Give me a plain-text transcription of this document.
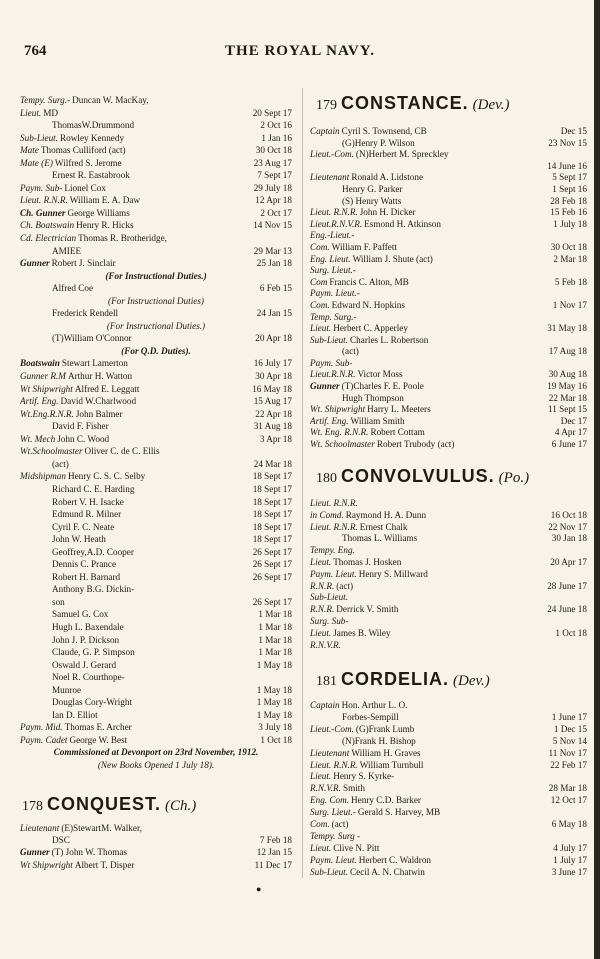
764	THE ROYAL NAVY.
Tempy. Surg.- Duncan W. MacKay,
Lieut. MD	20 Sept 17
ThomasW.Drummond	2 Oct 16
Sub-Lieut. Rowley Kennedy	1 Jan 16
Mate Thomas Culliford (act)	30 Oct 18
Mate (E) Wilfred S. Jerome	23 Aug 17
Ernest R. Eastabrook	7 Sept 17
Paym. Sub- Lionel Cox	29 July 18
Lieut. R.N.R. William E. A. Daw	12 Apr 18
Ch. Gunner George Williams	2 Oct 17
Ch. Boatswain Henry R. Hicks	14 Nov 15
Cd. Electrician Thomas R. Brotheridge,
AMIEE	29 Mar 13
Gunner Robert J. Sinclair	25 Jan 18
(For Instructional Duties.)
Alfred Coe	6 Feb 15
(For Instructional Duties)
Frederick Rendell	24 Jan 15
(For Instructional Duties.)
(T)William O'Connor	20 Apr 18
(For Q.D. Duties).
Boatswain Stewart Lamerton	16 July 17
Gunner R.M Arthur H. Watton	30 Apr 18
Wt Shipwright Alfred E. Leggatt	16 May 18
Artif. Eng. David W.Charlwood	15 Aug 17
Wt.Eng.R.N.R. John Balmer	22 Apr 18
David F. Fisher	31 Aug 18
Wt. Mech John C. Wood	3 Apr 18
Wt.Schoolmaster Oliver C. de C. Ellis
(act)	24 Mar 18
Midshipman Henry C. S. C. Selby	18 Sept 17
Richard C. E. Harding	18 Sept 17
Robert V. H. Isacke	18 Sept 17
Edmund R. Milner	18 Sept 17
Cyril F. C. Neate	18 Sept 17
John W. Heath	18 Sept 17
Geoffrey,A.D. Cooper	26 Sept 17
Dennis C. Prance	26 Sept 17
Robert H. Barnard	26 Sept 17
Anthony B.G. Dickin-
son	26 Sept 17
Samuel G. Cox	1 Mar 18
Hugh L. Baxendale	1 Mar 18
John J. P. Dickson	1 Mar 18
Claude, G. P. Simpson	1 Mar 18
Oswald J. Gerard	1 May 18
Noel R. Courthope-
Munroe	1 May 18
Douglas Cory-Wright	1 May 18
Ian D. Elliot	1 May 18
Paym. Mid. Thomas E. Archer	3 July 18
Paym. Cadet George W. Best	1 Oct 18
Commissioned at Devonport on 23rd November, 1912.
(New Books Opened 1 July 18).
178 CONQUEST. (Ch.)
Lieutenant (E)StewartM. Walker,
DSC	7 Feb 18
Gunner (T) John W. Thomas	12 Jan 15
Wt Shipwright Albert T. Disper	11 Dec 17
179 CONSTANCE. (Dev.)
Captain Cyril S. Townsend, CB	Dec 15
(G)Henry P. Wilson	23 Nov 15
Lieut.-Com. (N)Herbert M. Spreckley
14 June 16
Lieutenant Ronald A. Lidstone	5 Sept 17
Henry G. Parker	1 Sept 16
(S) Henry Watts	28 Feb 18
Lieut. R.N.R. John H. Dicker	15 Feb 16
Lieut.R.N.V.R. Esmond H. Atkinson	1 July 18
Eng.-Lieut.-
Com. William F. Paffett	30 Oct 18
Eng. Lieut. William J. Shute (act)	2 Mar 18
Surg. Lieut.-
Com Francis C. Alton, MB	5 Feb 18
Paym. Lieut.-
Com. Edward N. Hopkins	1 Nov 17
Temp. Surg.-
Lieut. Herbert C. Apperley	31 May 18
Sub-Lieut. Charles L. Robertson
(act)	17 Aug 18
Paym. Sub-
Lieut.R.N.R. Victor Moss	30 Aug 18
Gunner (T)Charles F. E. Poole	19 May 16
Hugh Thompson	22 Mar 18
Wt. Shipwright Harry L. Meeters	11 Sept 15
Artif. Eng. William Smith	Dec 17
Wt. Eng. R.N.R. Robert Cottam	4 Apr 17
Wt. Schoolmaster Robert Trubody (act)	6 June 17
180 CONVOLVULUS. (Po.)
Lieut. R.N.R.
in Comd. Raymond H. A. Dunn	16 Oct 18
Lieut. R.N.R. Ernest Chalk	22 Nov 17
Thomas L. Williams	30 Jan 18
Tempy. Eng.
Lieut. Thomas J. Hosken	20 Apr 17
Paym. Lieut. Henry S. Millward
R.N.R. (act)	28 June 17
Sub-Lieut.
R.N.R. Derrick V. Smith	24 June 18
Surg. Sub-
Lieut. James B. Wiley	1 Oct 18
R.N.V.R.
181 CORDELIA. (Dev.)
Captain Hon. Arthur L. O.
Forbes-Sempill	1 June 17
Lieut.-Com. (G)Frank Lumb	1 Dec 15
(N)Frank H. Bishop	5 Nov 14
Lieutenant William H. Graves	11 Nov 17
Lieut. R.N.R. William Turnbull	22 Feb 17
Lieut. Henry S. Kyrke-
R.N.V.R. Smith	28 Mar 18
Eng. Com. Henry C.D. Barker	12 Oct 17
Surg. Lieut.- Gerald S. Harvey, MB
Com. (act)	6 May 18
Tempy. Surg -
Lieut. Clive N. Pitt	4 July 17
Paym. Lieut. Herbert C. Waldron	1 July 17
Sub-Lieut. Cecil A. N. Chatwin	3 June 17
●
